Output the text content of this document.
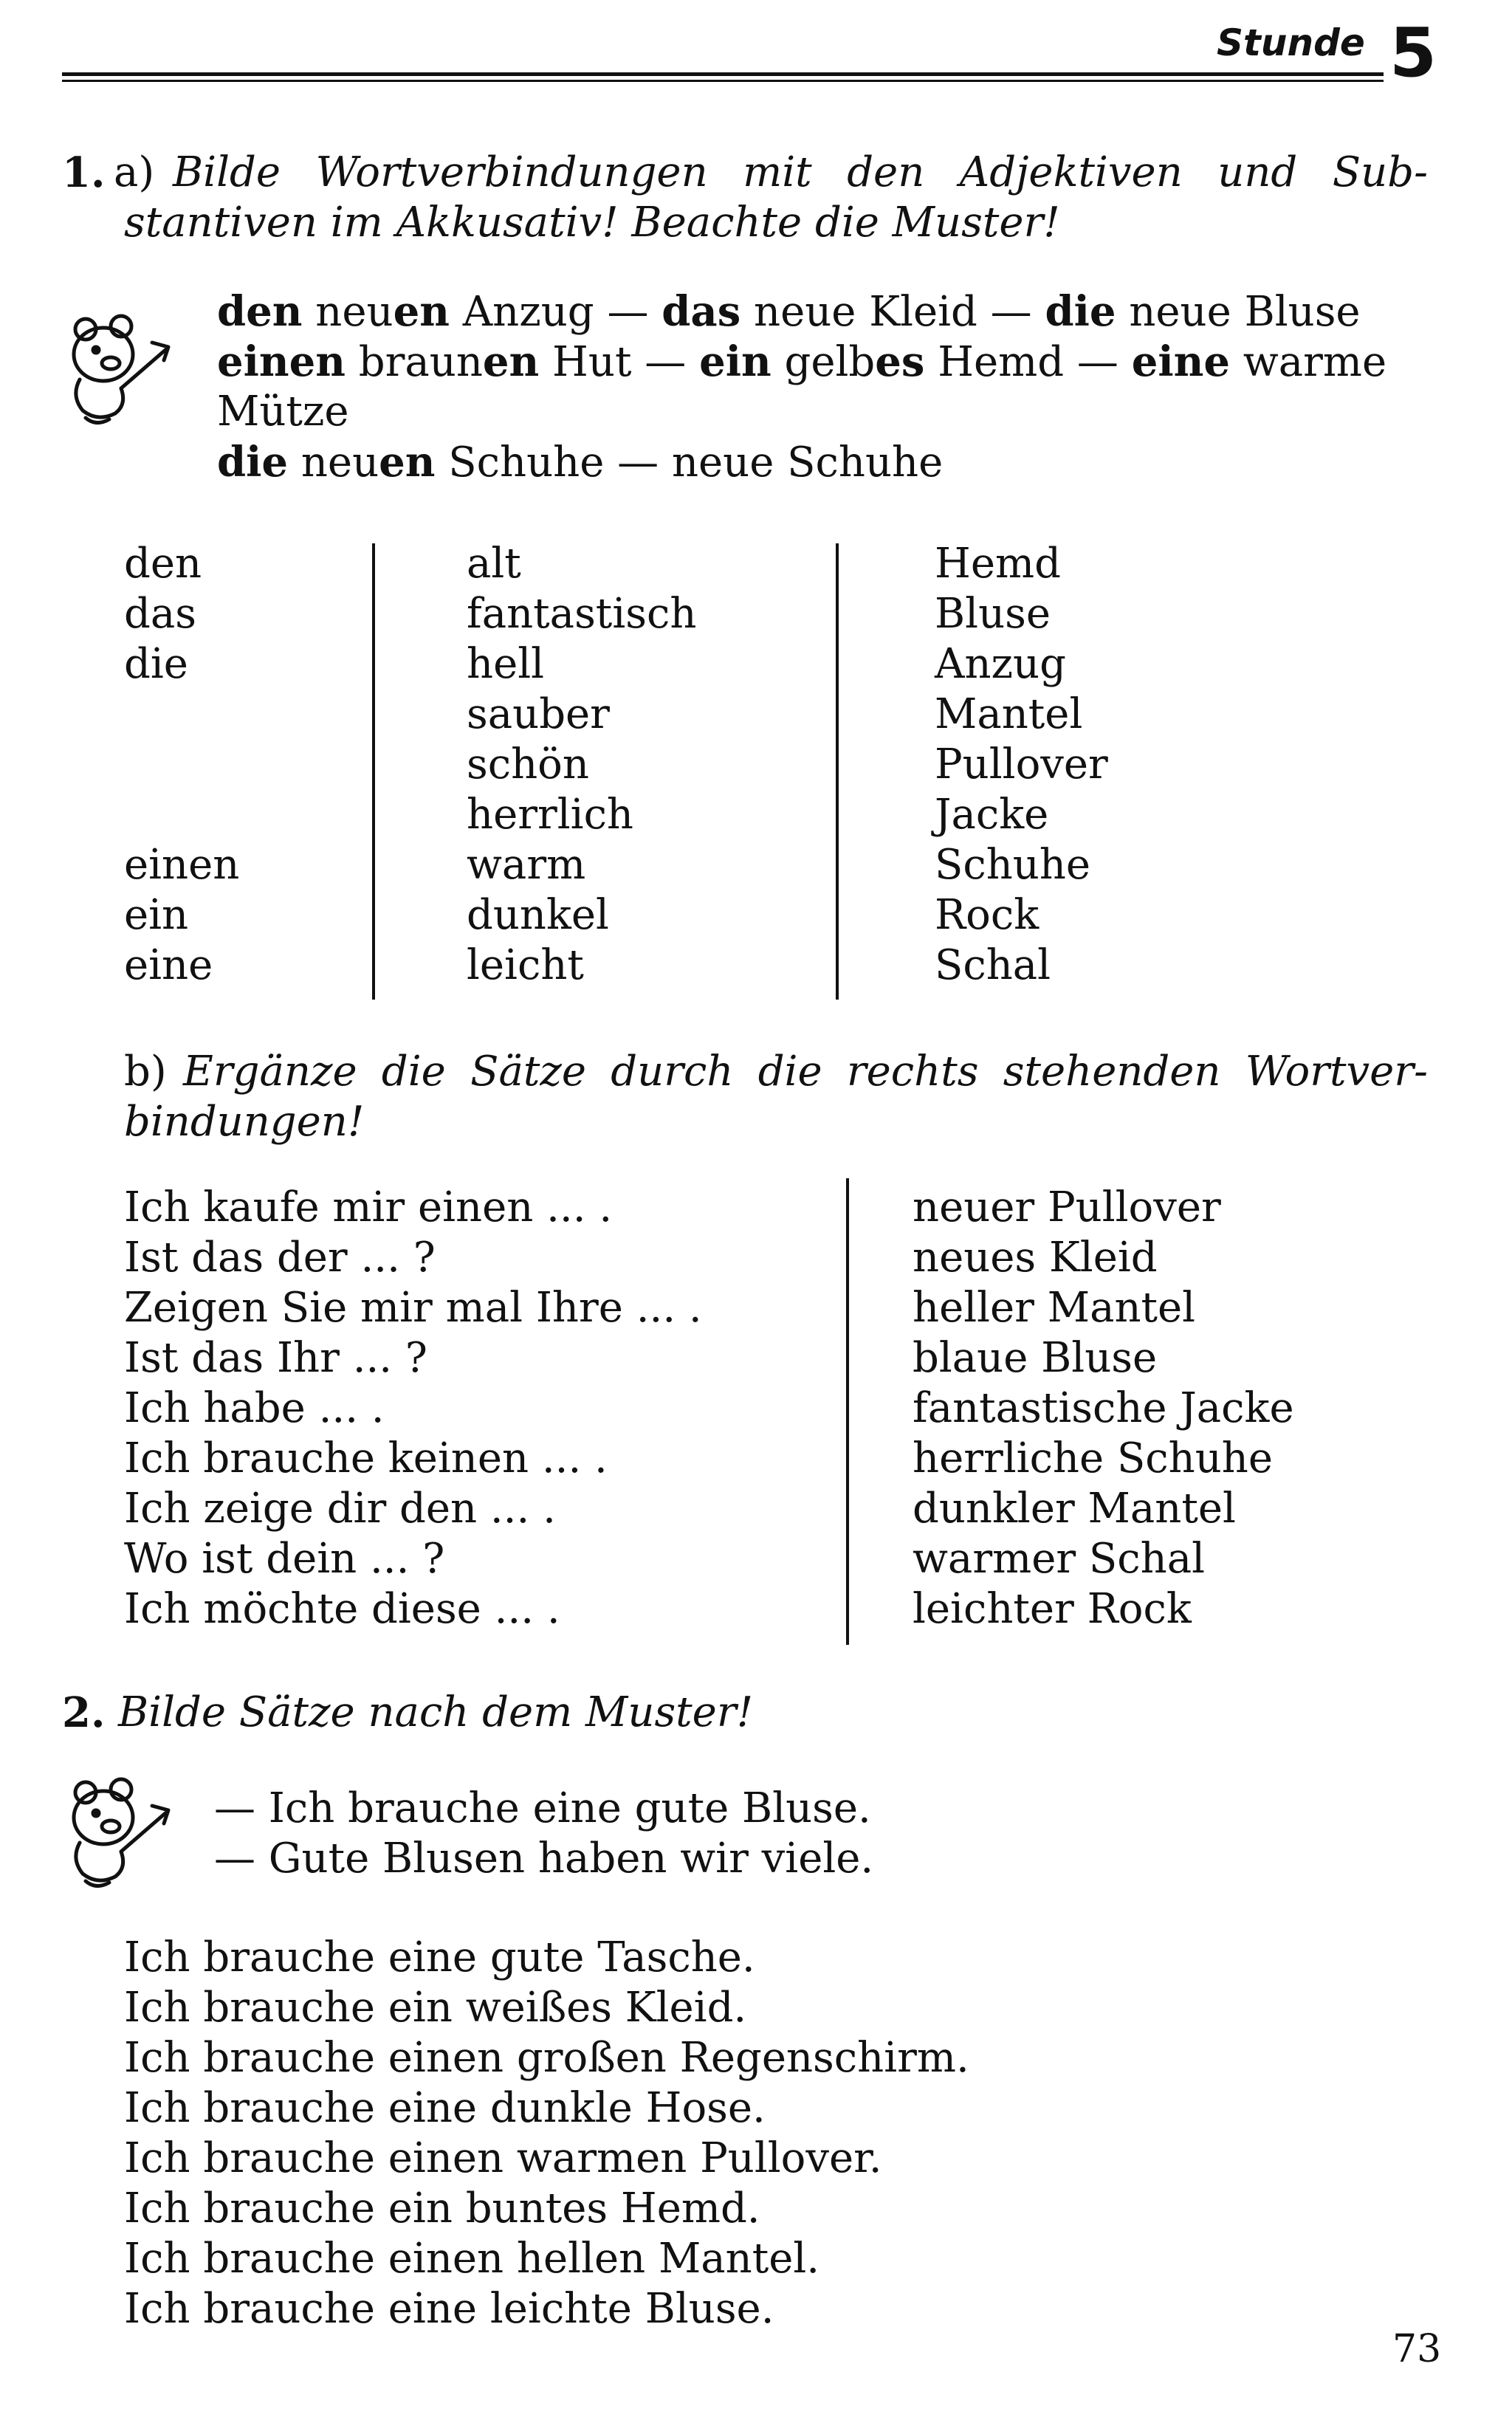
Stunde 5
1. a) Bilde Wortverbindungen mit den Adjektiven und Sub-
stantiven im Akkusativ! Beachte die Muster!
den neuen Anzug — das neue Kleid — die neue Bluse
einen braunen Hut — ein gelbes Hemd — eine warme
Mütze
die neuen Schuhe — neue Schuhe
den
das
die
einen
ein
eine
alt
fantastisch
hell
sauber
schön
herrlich
warm
dunkel
leicht
Hemd
Bluse
Anzug
Mantel
Pullover
Jacke
Schuhe
Rock
Schal
b) Ergänze die Sätze durch die rechts stehenden Wortver-
bindungen!
Ich kaufe mir einen ... .
Ist das der ... ?
Zeigen Sie mir mal Ihre ... .
Ist das Ihr ... ?
Ich habe ... .
Ich brauche keinen ... .
Ich zeige dir den ... .
Wo ist dein ... ?
Ich möchte diese ... .
neuer Pullover
neues Kleid
heller Mantel
blaue Bluse
fantastische Jacke
herrliche Schuhe
dunkler Mantel
warmer Schal
leichter Rock
2. Bilde Sätze nach dem Muster!
— Ich brauche eine gute Bluse.
— Gute Blusen haben wir viele.
Ich brauche eine gute Tasche.
Ich brauche ein weißes Kleid.
Ich brauche einen großen Regenschirm.
Ich brauche eine dunkle Hose.
Ich brauche einen warmen Pullover.
Ich brauche ein buntes Hemd.
Ich brauche einen hellen Mantel.
Ich brauche eine leichte Bluse.
73
